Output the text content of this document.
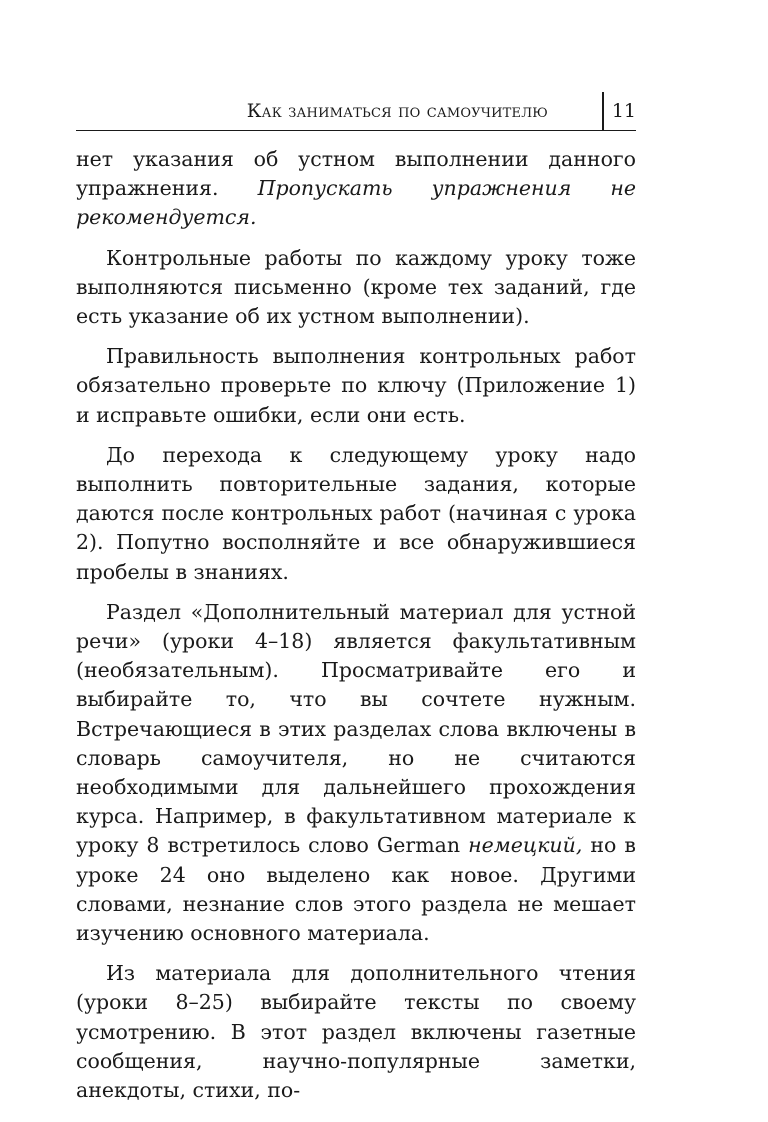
Как заниматься по самоучителю	11

нет указания об устном выполнении данного упражнения. Пропускать упражнения не рекомендуется.

Контрольные работы по каждому уроку тоже выполняются письменно (кроме тех заданий, где есть указание об их устном выполнении).

Правильность выполнения контрольных работ обязательно проверьте по ключу (Приложение 1) и исправьте ошибки, если они есть.

До перехода к следующему уроку надо выполнить повторительные задания, которые даются после контрольных работ (начиная с урока 2). Попутно восполняйте и все обнаружившиеся пробелы в знаниях.

Раздел «Дополнительный материал для устной речи» (уроки 4–18) является факультативным (необязательным). Просматривайте его и выбирайте то, что вы сочтете нужным. Встречающиеся в этих разделах слова включены в словарь самоучителя, но не считаются необходимыми для дальнейшего прохождения курса. Например, в факультативном материале к уроку 8 встретилось слово German немецкий, но в уроке 24 оно выделено как новое. Другими словами, незнание слов этого раздела не мешает изучению основного материала.

Из материала для дополнительного чтения (уроки 8–25) выбирайте тексты по своему усмотрению. В этот раздел включены газетные сообщения, научно-популярные заметки, анекдоты, стихи, по-
